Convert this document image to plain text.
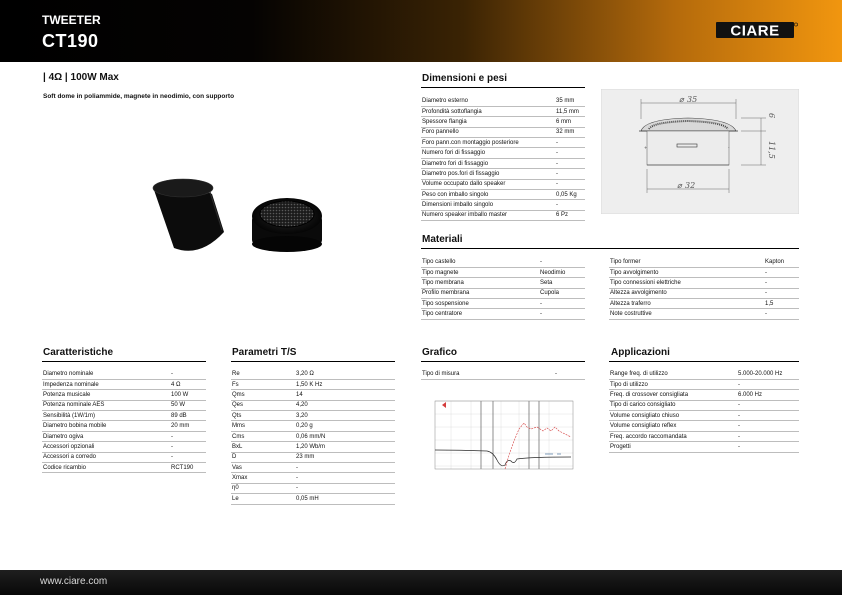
TWEETER
CT190	CIARE
| 4Ω | 100W Max
Soft dome in poliammide, magnete in neodimio, con supporto
Dimensioni e pesi
Diametro esterno	35 mm
Profondità sottoflangia	11,5 mm
Spessore flangia	6 mm
Foro pannello	32 mm
Foro pann.con montaggio posteriore	-
Numero fori di fissaggio	-
Diametro fori di fissaggio	-
Diametro pos.fori di fissaggio	-
Volume occupato dallo speaker	-
Peso con imballo singolo	0,05 Kg
Dimensioni imballo singolo	-
Numero speaker imballo master	6 Pz
⌀ 35
+	-
6
11,5
⌀ 32
Materiali
Tipo castello	-
Tipo magnete	Neodimio
Tipo membrana	Seta
Profilo membrana	Cupola
Tipo sospensione	-
Tipo centratore	-
Tipo former	Kapton
Tipo avvolgimento	-
Tipo connessioni elettriche	-
Altezza avvolgimento	-
Altezza traferro	1,5
Note costruttive	-
Caratteristiche
Diametro nominale	-
Impedenza nominale	4 Ω
Potenza musicale	100 W
Potenza nominale AES	50 W
Sensibilità (1W/1m)	89 dB
Diametro bobina mobile	20 mm
Diametro ogiva	-
Accessori opzionali	-
Accessori a corredo	-
Codice ricambio	RCT190
Parametri T/S
Re	3,20 Ω
Fs	1,50 K Hz
Qms	14
Qes	4,20
Qts	3,20
Mms	0,20 g
Cms	0,06 mm/N
BxL	1,20 Wb/m
D	23 mm
Vas	-
Xmax	-
η0	-
Le	0,05 mH
Grafico
Tipo di misura	-
Applicazioni
Range freq. di utilizzo	5.000-20.000 Hz
Tipo di utilizzo	-
Freq. di crossover consigliata	6.000 Hz
Tipo di carico consigliato	-
Volume consigliato chiuso	-
Volume consigliato reflex	-
Freq. accordo raccomandata	-
Progetti	-
www.ciare.com
